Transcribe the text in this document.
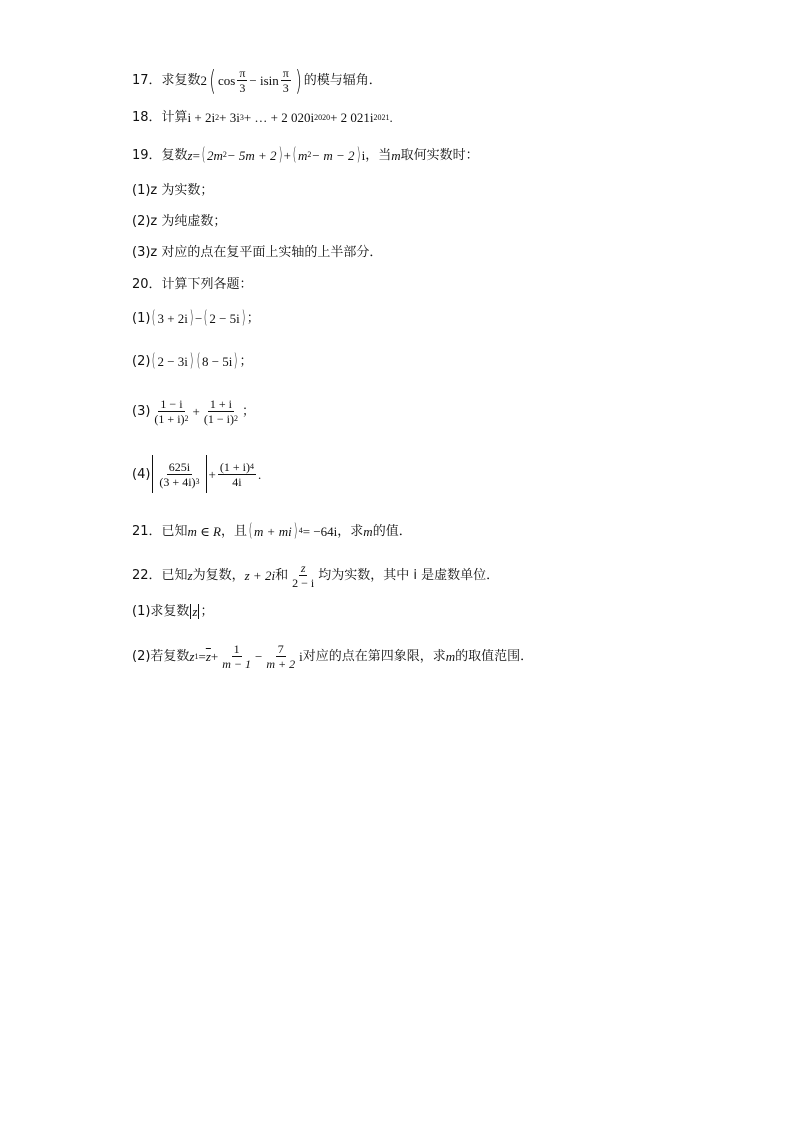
17．求复数 2 ( $\cos \frac{\pi}{3} - isin \frac{\pi}{3}$ ) 的模与辐角．
18．计算 i + 2i 2 + 3i 3 + … + 2 020i 2020 + 2 021i 2021 .
19．复数 z = ( 2m 2 − 5m + 2 ) + ( m 2 − m − 2 ) i ，当 m 取何实数时：
(1)z 为实数；
(2)z 为纯虚数；
(3)z 对应的点在复平面上实轴的上半部分．
20．计算下列各题：
(1) ( 3 + 2i ) − ( 2 − 5i ) ；
(2) ( 2 − 3i ) ( 8 − 5i ) ；
$(3) \frac{1 - i}{( 1 + i ) 2} + \frac{1 + i}{( 1 - i ) 2}$ ；
$(4) \frac{625i}{( 3 + 4i ) 3} + \frac{( 1 + i ) 4}{4i}$ .
21．已知 m ∈ R ，且 ( m + mi ) 4 = −64i ，求 m 的值．
22．已知 z 为复数， z + 2i 和 $\frac{z}{2 - i}$ 均为实数，其中 i 是虚数单位．
(1)求复数 z ；
(2)若复数 z $1 = \overline{z} + \frac{1}{m - 1} - \frac{7}{m + 2}$ i 对应的点在第四象限，求 m 的取值范围．
